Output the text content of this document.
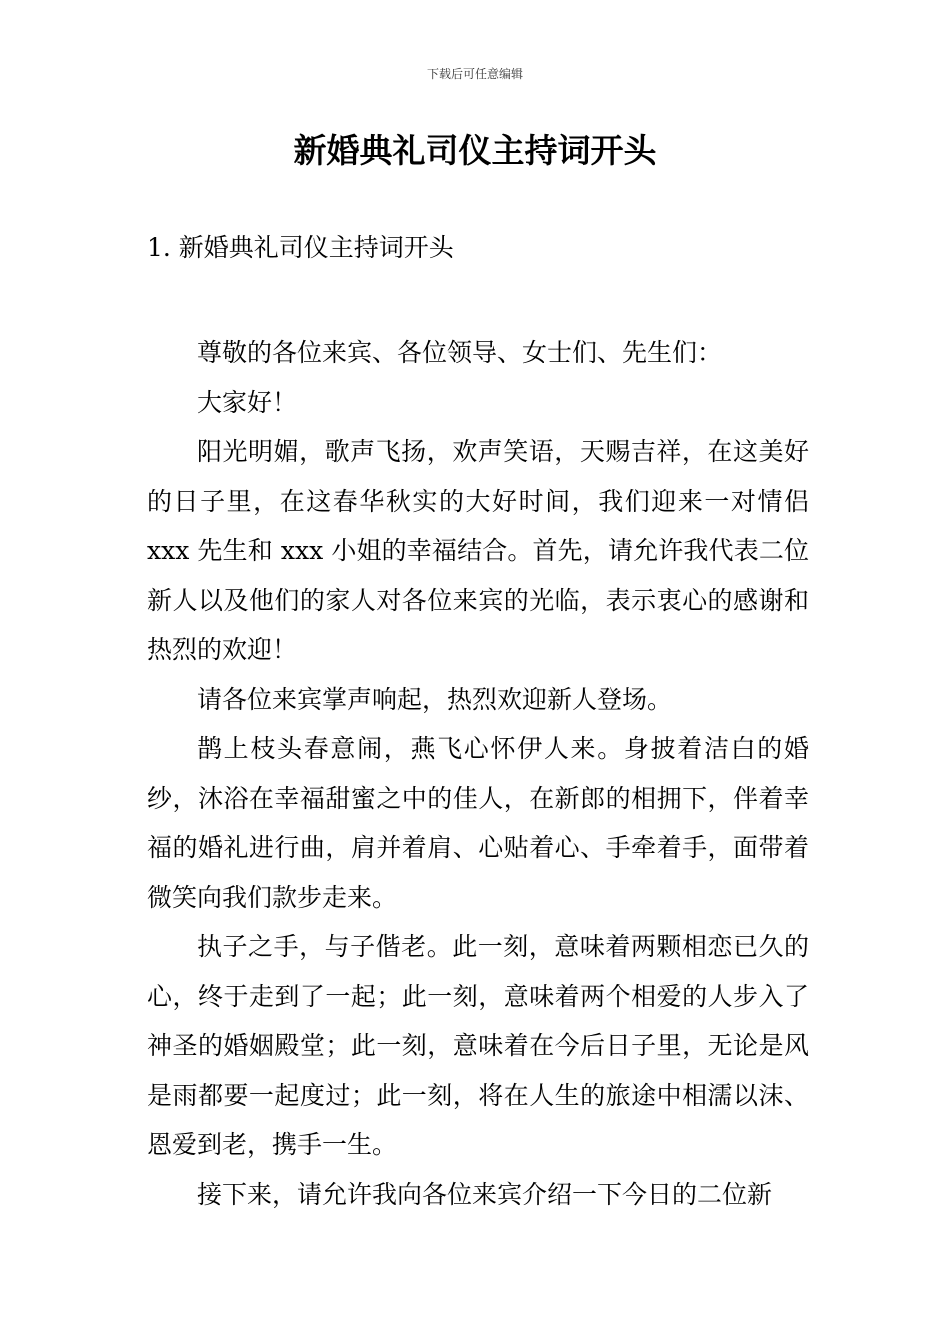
下载后可任意编辑
新婚典礼司仪主持词开头
1. 新婚典礼司仪主持词开头

尊敬的各位来宾、各位领导、女士们、先生们：

大家好！

阳光明媚，歌声飞扬，欢声笑语，天赐吉祥，在这美好的日子里，在这春华秋实的大好时间，我们迎来一对情侣 xxx 先生和 xxx 小姐的幸福结合。首先，请允许我代表二位新人以及他们的家人对各位来宾的光临，表示衷心的感谢和热烈的欢迎！

请各位来宾掌声响起，热烈欢迎新人登场。

鹊上枝头春意闹，燕飞心怀伊人来。身披着洁白的婚纱，沐浴在幸福甜蜜之中的佳人，在新郎的相拥下，伴着幸福的婚礼进行曲，肩并着肩、心贴着心、手牵着手，面带着微笑向我们款步走来。

执子之手，与子偕老。此一刻，意味着两颗相恋已久的心，终于走到了一起；此一刻，意味着两个相爱的人步入了神圣的婚姻殿堂；此一刻，意味着在今后日子里，无论是风是雨都要一起度过；此一刻，将在人生的旅途中相濡以沫、恩爱到老，携手一生。

接下来，请允许我向各位来宾介绍一下今日的二位新
